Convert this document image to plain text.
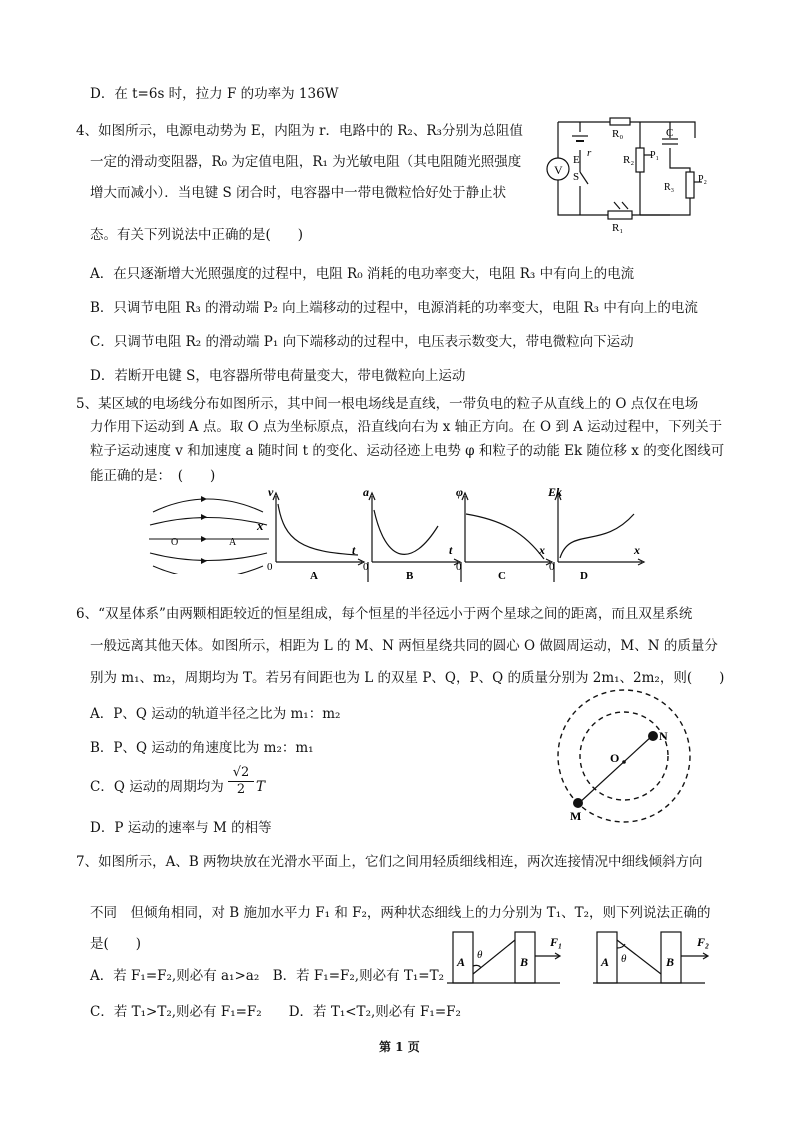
D．在 t=6s 时，拉力 F 的功率为 136W
4、如图所示，电源电动势为 E，内阻为 r．电路中的 R₂、R₃分别为总阻值
一定的滑动变阻器，R₀ 为定值电阻，R₁ 为光敏电阻（其电阻随光照强度
增大而减小）．当电键 S 闭合时，电容器中一带电微粒恰好处于静止状
态。有关下列说法中正确的是(　　)
A．在只逐渐增大光照强度的过程中，电阻 R₀ 消耗的电功率变大，电阻 R₃ 中有向上的电流
B．只调节电阻 R₃ 的滑动端 P₂ 向上端移动的过程中，电源消耗的功率变大，电阻 R₃ 中有向上的电流
C．只调节电阻 R₂ 的滑动端 P₁ 向下端移动的过程中，电压表示数变大，带电微粒向下运动
D．若断开电键 S，电容器所带电荷量变大，带电微粒向上运动
V
E
r
S
R₀
R₁
R₂
R₃
P₁
P₂
C
5、某区域的电场线分布如图所示，其中间一根电场线是直线，一带负电的粒子从直线上的 O 点仅在电场
力作用下运动到 A 点。取 O 点为坐标原点，沿直线向右为 x 轴正方向。在 O 到 A 运动过程中，下列关于
粒子运动速度 v 和加速度 a 随时间 t 的变化、运动径迹上电势 φ 和粒子的动能 Ek 随位移 x 的变化图线可
能正确的是：　(　　)
O	A
x
v
t
0
A
a
t
0
B
φ
x
0
C
Ek
x
0
D
6、“双星体系”由两颗相距较近的恒星组成，每个恒星的半径远小于两个星球之间的距离，而且双星系统
一般远离其他天体。如图所示，相距为 L 的 M、N 两恒星绕共同的圆心 O 做圆周运动，M、N 的质量分
别为 m₁、m₂，周期均为 T。若另有间距也为 L 的双星 P、Q，P、Q 的质量分别为 2m₁、2m₂，则(　　)
A．P、Q 运动的轨道半径之比为 m₁：m₂
B．P、Q 运动的角速度比为 m₂：m₁
C．Q 运动的周期均为 $\frac{√2}{2}$ T
D．P 运动的速率与 M 的相等
O
N
M
7、如图所示，A、B 两物块放在光滑水平面上，它们之间用轻质细线相连，两次连接情况中细线倾斜方向
不同　但倾角相同，对 B 施加水平力 F₁ 和 F₂，两种状态细线上的力分别为 T₁、T₂，则下列说法正确的
是(　　)
A．若 F₁=F₂,则必有 a₁>a₂　B．若 F₁=F₂,则必有 T₁=T₂
C．若 T₁>T₂,则必有 F₁=F₂　　D．若 T₁<T₂,则必有 F₁=F₂
A	B
θ
F₁
A	B
θ
F₂
第 1 页
